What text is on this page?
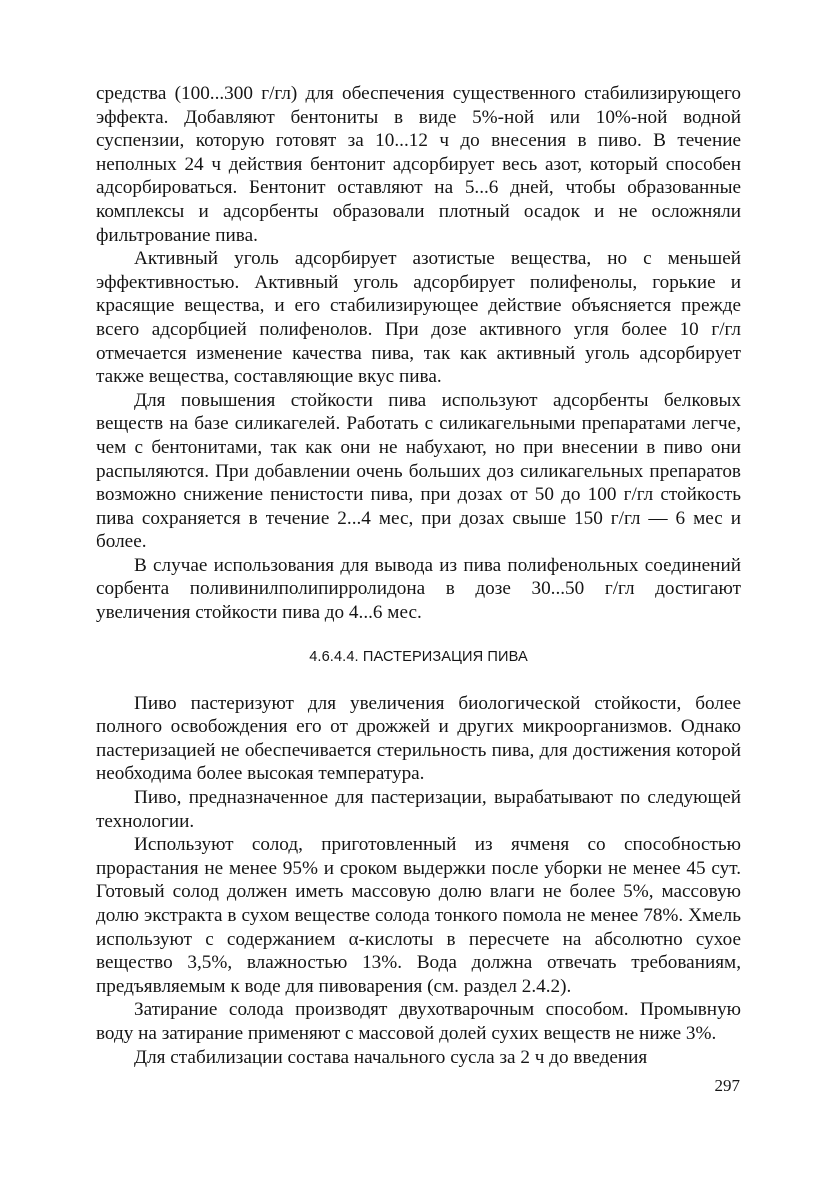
средства (100...300 г/гл) для обеспечения существенного стабилизирующего эффекта. Добавляют бентониты в виде 5%-ной или 10%-ной водной суспензии, которую готовят за 10...12 ч до внесения в пиво. В течение неполных 24 ч действия бентонит адсорбирует весь азот, который способен адсорбироваться. Бентонит оставляют на 5...6 дней, чтобы образованные комплексы и адсорбенты образовали плотный осадок и не осложняли фильтрование пива.

Активный уголь адсорбирует азотистые вещества, но с меньшей эффективностью. Активный уголь адсорбирует полифенолы, горькие и красящие вещества, и его стабилизирующее действие объясняется прежде всего адсорбцией полифенолов. При дозе активного угля более 10 г/гл отмечается изменение качества пива, так как активный уголь адсорбирует также вещества, составляющие вкус пива.

Для повышения стойкости пива используют адсорбенты белковых веществ на базе силикагелей. Работать с силикагельными препаратами легче, чем с бентонитами, так как они не набухают, но при внесении в пиво они распыляются. При добавлении очень больших доз силикагельных препаратов возможно снижение пенистости пива, при дозах от 50 до 100 г/гл стойкость пива сохраняется в течение 2...4 мес, при дозах свыше 150 г/гл — 6 мес и более.

В случае использования для вывода из пива полифенольных соединений сорбента поливинилполипирролидона в дозе 30...50 г/гл достигают увеличения стойкости пива до 4...6 мес.

4.6.4.4. ПАСТЕРИЗАЦИЯ ПИВА

Пиво пастеризуют для увеличения биологической стойкости, более полного освобождения его от дрожжей и других микроорганизмов. Однако пастеризацией не обеспечивается стерильность пива, для достижения которой необходима более высокая температура.

Пиво, предназначенное для пастеризации, вырабатывают по следующей технологии.

Используют солод, приготовленный из ячменя со способностью прорастания не менее 95% и сроком выдержки после уборки не менее 45 сут. Готовый солод должен иметь массовую долю влаги не более 5%, массовую долю экстракта в сухом веществе солода тонкого помола не менее 78%. Хмель используют с содержанием α-кислоты в пересчете на абсолютно сухое вещество 3,5%, влажностью 13%. Вода должна отвечать требованиям, предъявляемым к воде для пивоварения (см. раздел 2.4.2).

Затирание солода производят двухотварочным способом. Промывную воду на затирание применяют с массовой долей сухих веществ не ниже 3%.

Для стабилизации состава начального сусла за 2 ч до введения

297
